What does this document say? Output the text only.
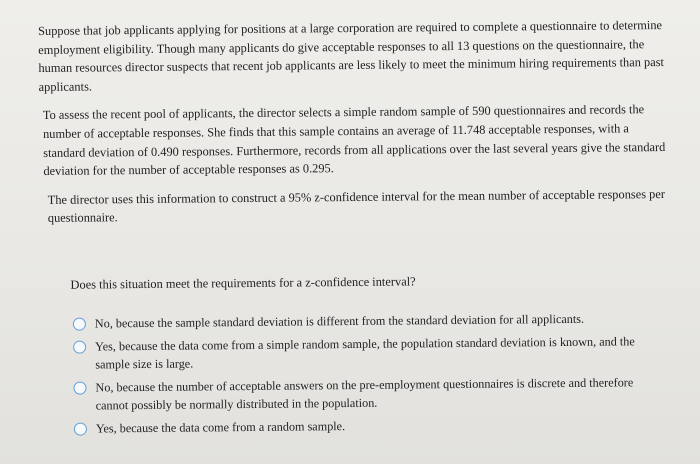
Suppose that job applicants applying for positions at a large corporation are required to complete a questionnaire to determine employment eligibility. Though many applicants do give acceptable responses to all 13 questions on the questionnaire, the human resources director suspects that recent job applicants are less likely to meet the minimum hiring requirements than past applicants.

To assess the recent pool of applicants, the director selects a simple random sample of 590 questionnaires and records the number of acceptable responses. She finds that this sample contains an average of 11.748 acceptable responses, with a standard deviation of 0.490 responses. Furthermore, records from all applications over the last several years give the standard deviation for the number of acceptable responses as 0.295.

The director uses this information to construct a 95% z-confidence interval for the mean number of acceptable responses per questionnaire.

Does this situation meet the requirements for a z-confidence interval?

No, because the sample standard deviation is different from the standard deviation for all applicants.
Yes, because the data come from a simple random sample, the population standard deviation is known, and the sample size is large.
No, because the number of acceptable answers on the pre-employment questionnaires is discrete and therefore cannot possibly be normally distributed in the population.
Yes, because the data come from a random sample.
